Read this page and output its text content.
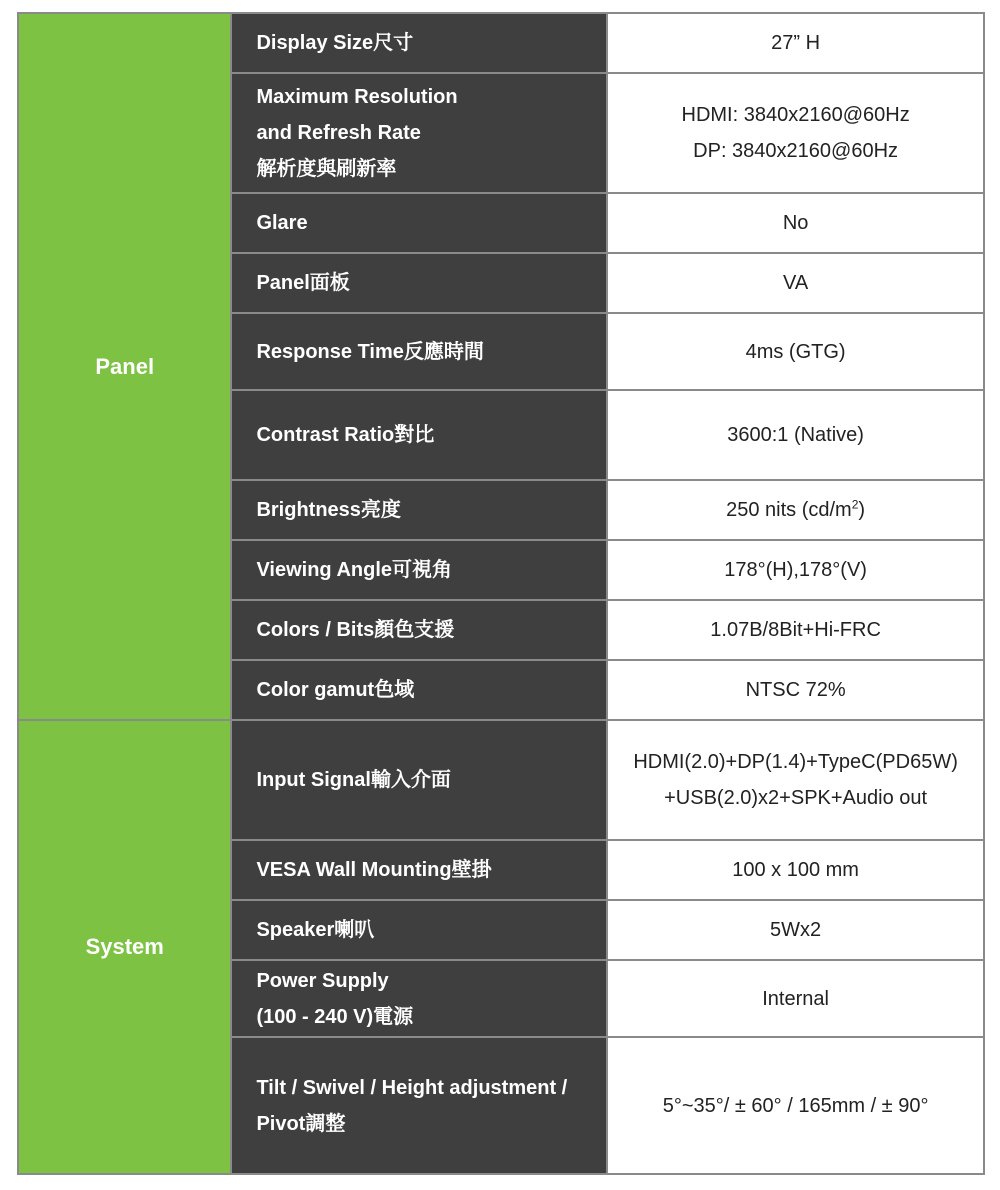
Panel	Display Size尺寸	27” H

	Maximum Resolution
and Refresh Rate
解析度與刷新率	HDMI: 3840x2160@60Hz
DP: 3840x2160@60Hz

	Glare	No

	Panel面板	VA

	Response Time反應時間	4ms (GTG)

	Contrast Ratio對比	3600:1 (Native)

	Brightness亮度	250 nits $(cd/m^2)$

	Viewing Angle可視角	178°(H),178°(V)

	Colors / Bits顏色支援	1.07B/8Bit+Hi-FRC

	Color gamut色域	NTSC 72%

System	Input Signal輸入介面	HDMI(2.0)+DP(1.4)+TypeC(PD65W)
+USB(2.0)x2+SPK+Audio out

	VESA Wall Mounting壁掛	100 x 100 mm

	Speaker喇叭	5Wx2

	Power Supply
(100 - 240 V)電源	Internal

	Tilt / Swivel / Height adjustment /
Pivot調整	5°~35°/ ± 60° / 165mm / ± 90°
